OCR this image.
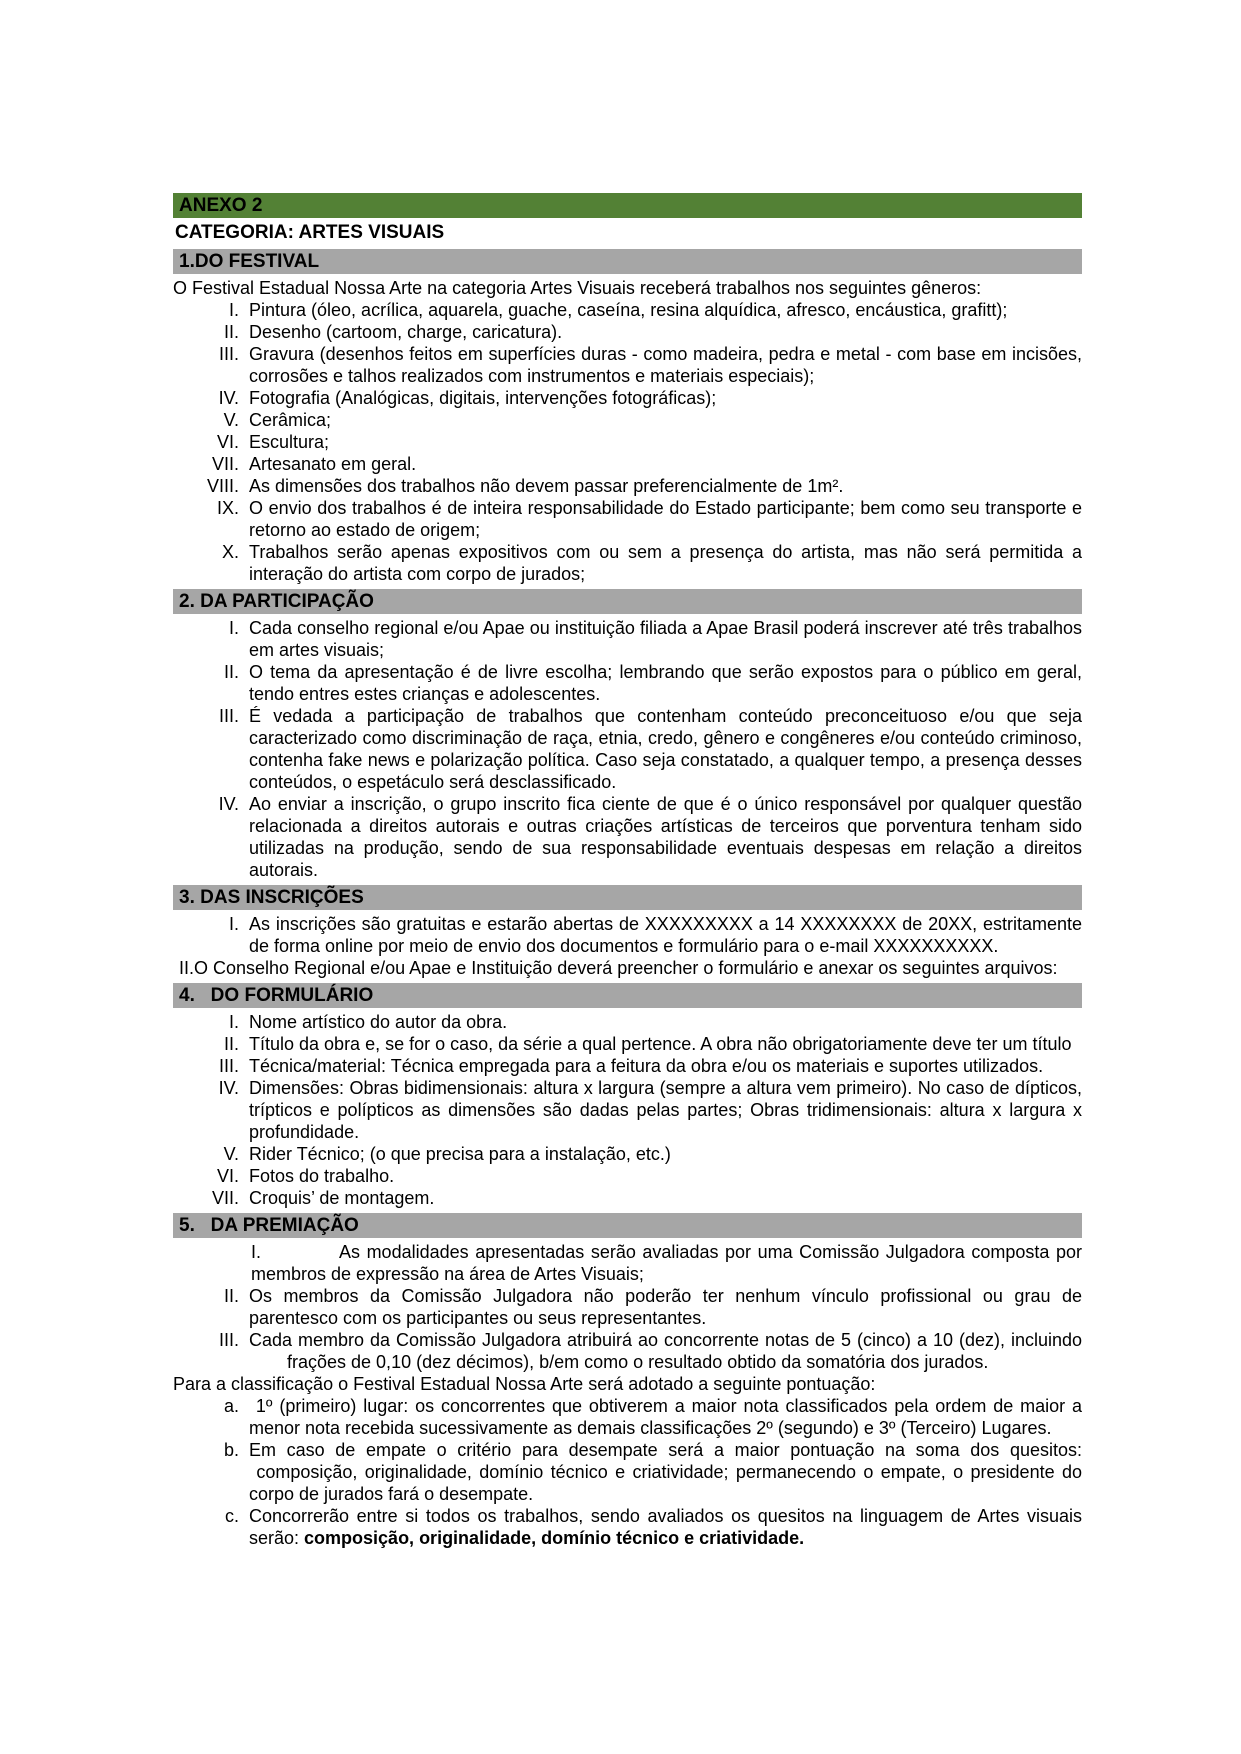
ANEXO 2
CATEGORIA: ARTES VISUAIS
1.DO FESTIVAL

O Festival Estadual Nossa Arte na categoria Artes Visuais receberá trabalhos nos seguintes gêneros:

I. Pintura (óleo, acrílica, aquarela, guache, caseína, resina alquídica, afresco, encáustica, grafitt);
II. Desenho (cartoom, charge, caricatura).
III. Gravura (desenhos feitos em superfícies duras - como madeira, pedra e metal - com base em incisões, corrosões e talhos realizados com instrumentos e materiais especiais);
IV. Fotografia (Analógicas, digitais, intervenções fotográficas);
V. Cerâmica;
VI. Escultura;
VII. Artesanato em geral.
VIII. As dimensões dos trabalhos não devem passar preferencialmente de 1m².
IX. O envio dos trabalhos é de inteira responsabilidade do Estado participante; bem como seu transporte e retorno ao estado de origem;
X. Trabalhos serão apenas expositivos com ou sem a presença do artista, mas não será permitida a interação do artista com corpo de jurados;
2. DA PARTICIPAÇÃO
I. Cada conselho regional e/ou Apae ou instituição filiada a Apae Brasil poderá inscrever até três trabalhos em artes visuais;
II. O tema da apresentação é de livre escolha; lembrando que serão expostos para o público em geral, tendo entres estes crianças e adolescentes.
III. É vedada a participação de trabalhos que contenham conteúdo preconceituoso e/ou que seja caracterizado como discriminação de raça, etnia, credo, gênero e congêneres e/ou conteúdo criminoso, contenha fake news e polarização política. Caso seja constatado, a qualquer tempo, a presença desses conteúdos, o espetáculo será desclassificado.
IV. Ao enviar a inscrição, o grupo inscrito fica ciente de que é o único responsável por qualquer questão relacionada a direitos autorais e outras criações artísticas de terceiros que porventura tenham sido utilizadas na produção, sendo de sua responsabilidade eventuais despesas em relação a direitos autorais.
3. DAS INSCRIÇÕES
I. As inscrições são gratuitas e estarão abertas de XXXXXXXXX a 14 XXXXXXXX de 20XX, estritamente de forma online por meio de envio dos documentos e formulário para o e-mail XXXXXXXXXX.

II.O Conselho Regional e/ou Apae e Instituição deverá preencher o formulário e anexar os seguintes arquivos:

4.   DO FORMULÁRIO
I. Nome artístico do autor da obra.
II. Título da obra e, se for o caso, da série a qual pertence. A obra não obrigatoriamente deve ter um título
III. Técnica/material: Técnica empregada para a feitura da obra e/ou os materiais e suportes utilizados.
IV. Dimensões: Obras bidimensionais: altura x largura (sempre a altura vem primeiro). No caso de dípticos, trípticos e polípticos as dimensões são dadas pelas partes; Obras tridimensionais: altura x largura x profundidade.
V. Rider Técnico; (o que precisa para a instalação, etc.)
VI. Fotos do trabalho.
VII. Croquis’ de montagem.
5.   DA PREMIAÇÃO

I.	As modalidades apresentadas serão avaliadas por uma Comissão Julgadora composta por membros de expressão na área de Artes Visuais;

II. Os membros da Comissão Julgadora não poderão ter nenhum vínculo profissional ou grau de parentesco com os participantes ou seus representantes.
III. Cada membro da Comissão Julgadora atribuirá ao concorrente notas de 5 (cinco) a 10 (dez), incluindo frações de 0,10 (dez décimos), b/em como o resultado obtido da somatória dos jurados.

Para a classificação o Festival Estadual Nossa Arte será adotado a seguinte pontuação:

a. 1º (primeiro) lugar: os concorrentes que obtiverem a maior nota classificados pela ordem de maior a menor nota recebida sucessivamente as demais classificações 2º (segundo) e 3º (Terceiro) Lugares.
b. Em caso de empate o critério para desempate será a maior pontuação na soma dos quesitos:  composição, originalidade, domínio técnico e criatividade; permanecendo o empate, o presidente do corpo de jurados fará o desempate.
c. Concorrerão entre si todos os trabalhos, sendo avaliados os quesitos na linguagem de Artes visuais serão: composição, originalidade, domínio técnico e criatividade.
